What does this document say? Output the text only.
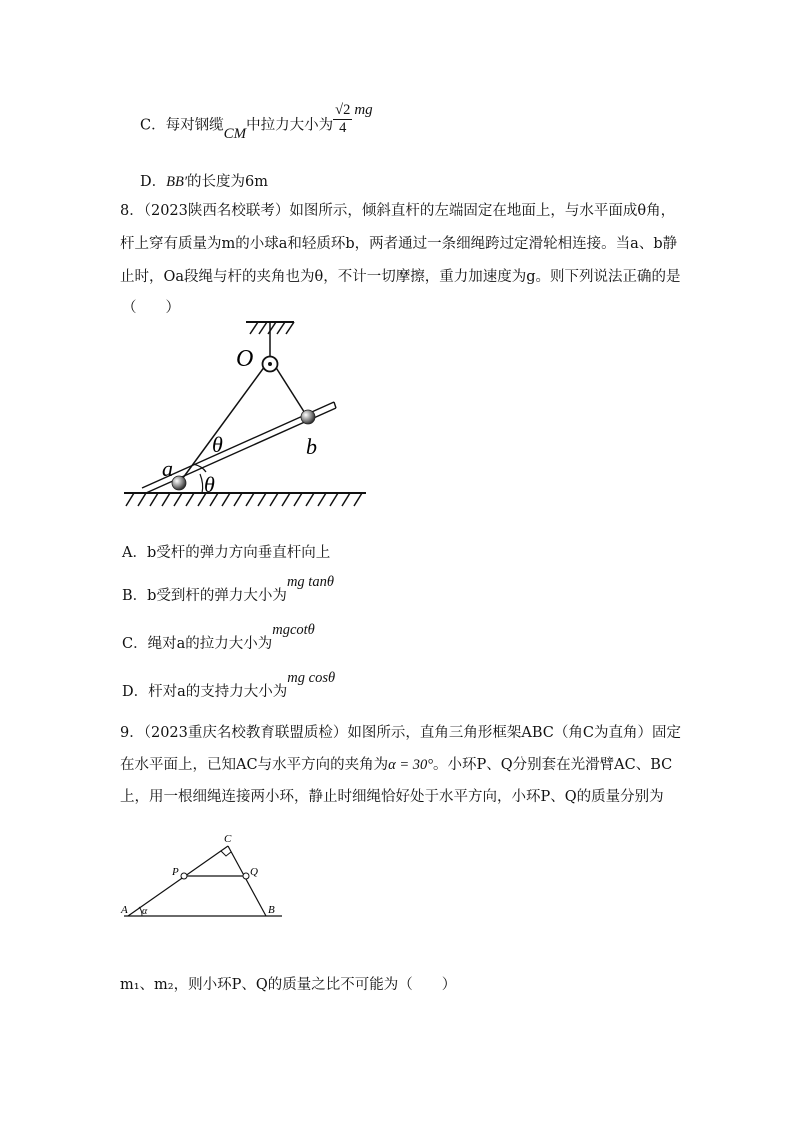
C．每对钢缆CM中拉力大小为 $\frac{√2}{4}$ mg
D．BB′的长度为6m
8．（2023陕西名校联考）如图所示，倾斜直杆的左端固定在地面上，与水平面成θ角，
杆上穿有质量为m的小球a和轻质环b，两者通过一条细绳跨过定滑轮相连接。当a、b静
止时，Oa段绳与杆的夹角也为θ，不计一切摩擦，重力加速度为g。则下列说法正确的是
（　　）
O
a
b
θ
θ
A．b受杆的弹力方向垂直杆向上
B．b受到杆的弹力大小为mg tanθ
C．绳对a的拉力大小为mgcotθ
D．杆对a的支持力大小为mg cosθ
9．（2023重庆名校教育联盟质检）如图所示，直角三角形框架ABC（角C为直角）固定
在水平面上，已知AC与水平方向的夹角为α = 30°。小环P、Q分别套在光滑臂AC、BC
上，用一根细绳连接两小环，静止时细绳恰好处于水平方向，小环P、Q的质量分别为
C
P	Q
A α	B
m₁、m₂，则小环P、Q的质量之比不可能为（　　）
